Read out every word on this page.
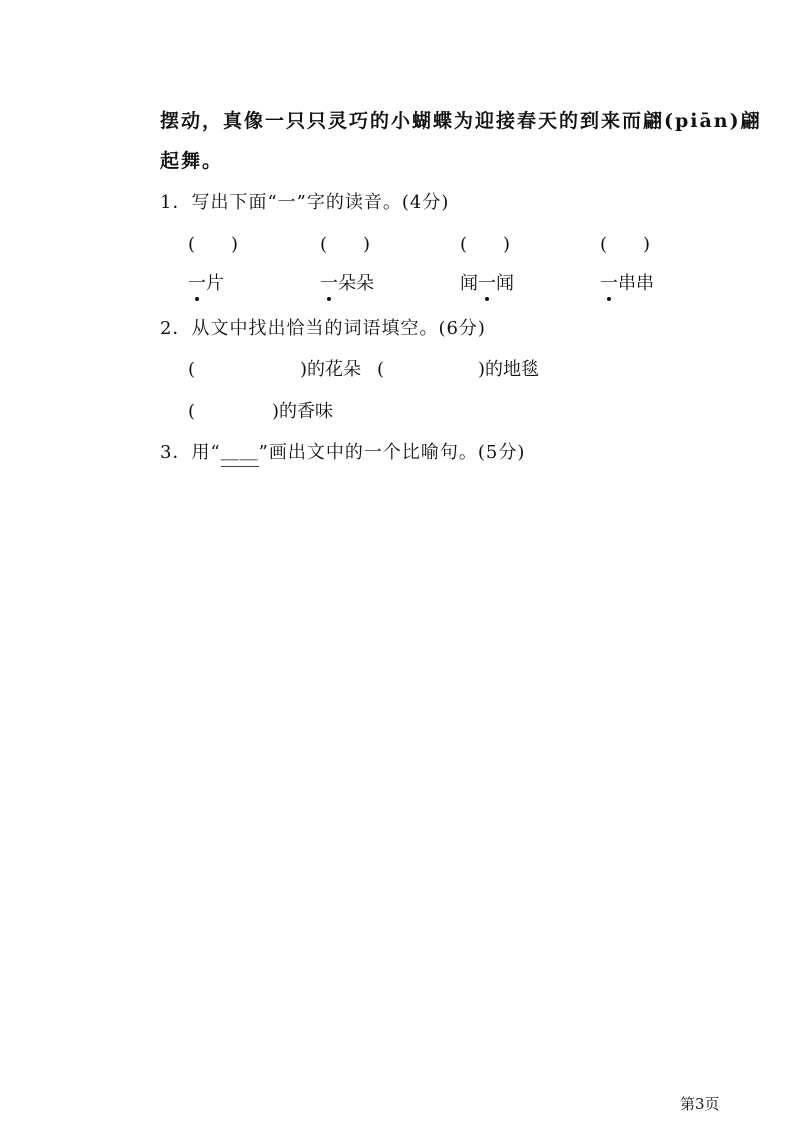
摆动，真像一只只灵巧的小蝴蝶为迎接春天的到来而翩(piān)翩
起舞。
1．写出下面“一”字的读音。(4分)
(　　)	(　　)	(　　)	(　　)
一片	一朵朵	闻一闻	一串串
2．从文中找出恰当的词语填空。(6分)
(	)的花朵 (	)的地毯
(	)的香味
3．用“＿＿”画出文中的一个比喻句。(5分)
第3页
